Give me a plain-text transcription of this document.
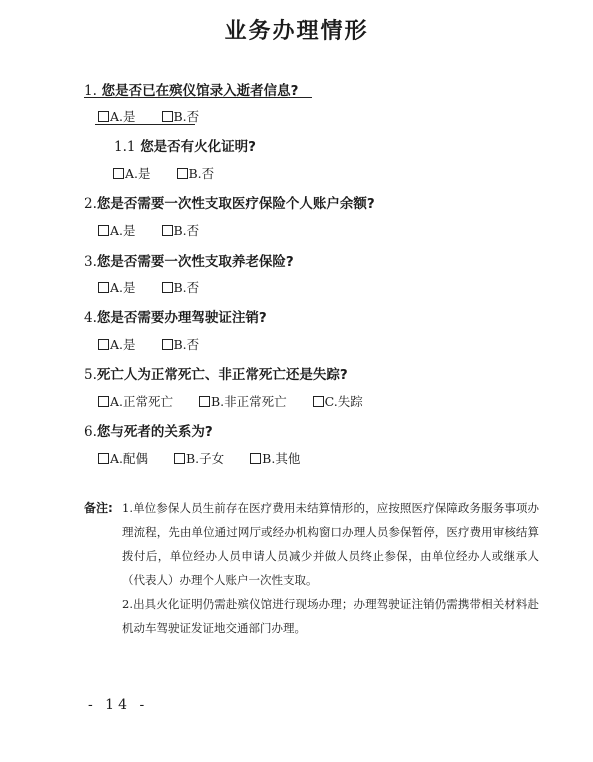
业务办理情形
1. 您是否已在殡仪馆录入逝者信息?
A.是
	B.否
1.1 您是否有火化证明?
A.是
	B.否
2.您是否需要一次性支取医疗保险个人账户余额?
A.是
	B.否
3.您是否需要一次性支取养老保险?
A.是
	B.否
4.您是否需要办理驾驶证注销?
A.是
	B.否
5.死亡人为正常死亡、非正常死亡还是失踪?
A.正常死亡
	B.非正常死亡
	C.失踪
6.您与死者的关系为?
A.配偶
	B.子女
	B.其他
备注: 1.单位参保人员生前存在医疗费用未结算情形的，应按照医疗保障政务服务事项办理流程，先由单位通过网厅或经办机构窗口办理人员参保暂停，医疗费用审核结算拨付后，单位经办人员申请人员减少并做人员终止参保，由单位经办人或继承人（代表人）办理个人账户一次性支取。
2.出具火化证明仍需赴殡仪馆进行现场办理；办理驾驶证注销仍需携带相关材料赴机动车驾驶证发证地交通部门办理。
- 14 -
